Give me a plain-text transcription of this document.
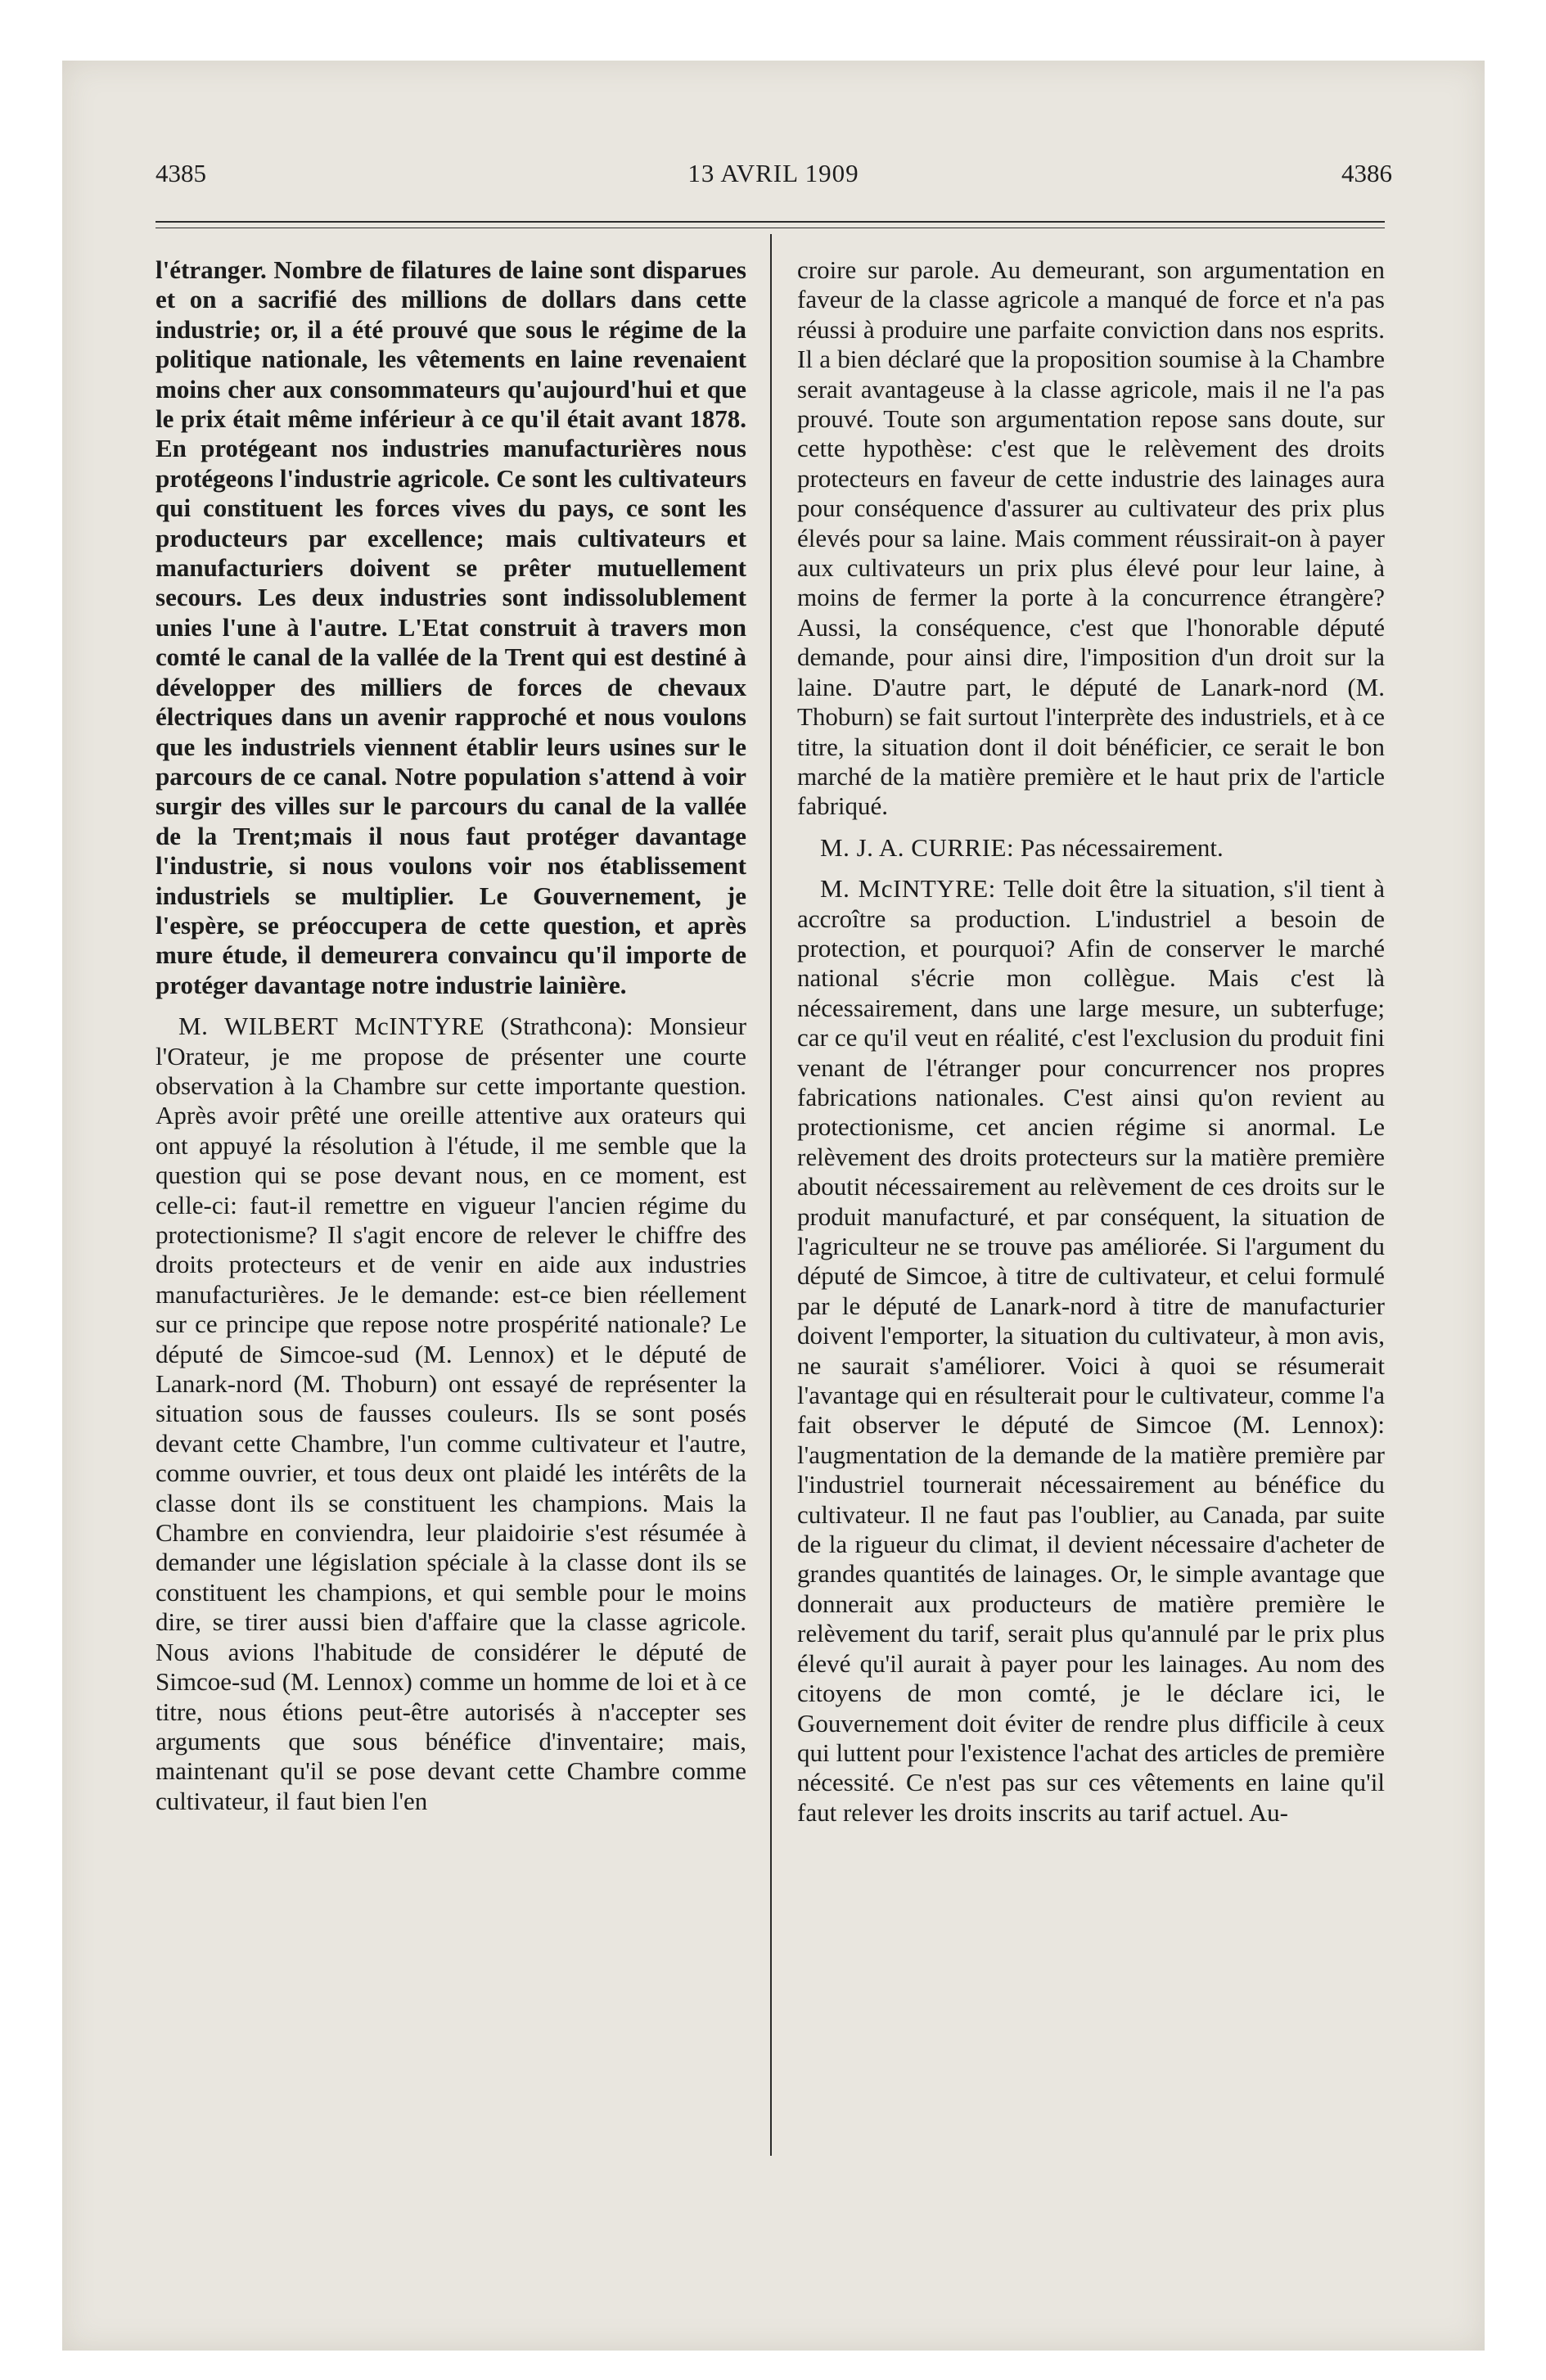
4385	13 AVRIL 1909	4386

l'étranger. Nombre de filatures de laine sont disparues et on a sacrifié des millions de dollars dans cette industrie; or, il a été prouvé que sous le régime de la politique nationale, les vêtements en laine revenaient moins cher aux consommateurs qu'aujourd'hui et que le prix était même inférieur à ce qu'il était avant 1878. En protégeant nos industries manufacturières nous protégeons l'industrie agricole. Ce sont les cultivateurs qui constituent les forces vives du pays, ce sont les producteurs par excellence; mais cultivateurs et manufacturiers doivent se prêter mutuellement secours. Les deux industries sont indissolublement unies l'une à l'autre. L'Etat construit à travers mon comté le canal de la vallée de la Trent qui est destiné à développer des milliers de forces de chevaux électriques dans un avenir rapproché et nous voulons que les industriels viennent établir leurs usines sur le parcours de ce canal. Notre population s'attend à voir surgir des villes sur le parcours du canal de la vallée de la Trent;mais il nous faut protéger davantage l'industrie, si nous voulons voir nos établissement industriels se multiplier. Le Gouvernement, je l'espère, se préoccupera de cette question, et après mure étude, il demeurera convaincu qu'il importe de protéger davantage notre industrie lainière.

M. WILBERT McINTYRE (Strathcona): Monsieur l'Orateur, je me propose de présenter une courte observation à la Chambre sur cette importante question. Après avoir prêté une oreille attentive aux orateurs qui ont appuyé la résolution à l'étude, il me semble que la question qui se pose devant nous, en ce moment, est celle-ci: faut-il remettre en vigueur l'ancien régime du protectionisme? Il s'agit encore de relever le chiffre des droits protecteurs et de venir en aide aux industries manufacturières. Je le demande: est-ce bien réellement sur ce principe que repose notre prospérité nationale? Le député de Simcoe-sud (M. Lennox) et le député de Lanark-nord (M. Thoburn) ont essayé de représenter la situation sous de fausses couleurs. Ils se sont posés devant cette Chambre, l'un comme cultivateur et l'autre, comme ouvrier, et tous deux ont plaidé les intérêts de la classe dont ils se constituent les champions. Mais la Chambre en conviendra, leur plaidoirie s'est résumée à demander une législation spéciale à la classe dont ils se constituent les champions, et qui semble pour le moins dire, se tirer aussi bien d'affaire que la classe agricole. Nous avions l'habitude de considérer le député de Simcoe-sud (M. Lennox) comme un homme de loi et à ce titre, nous étions peut-être autorisés à n'accepter ses arguments que sous bénéfice d'inventaire; mais, maintenant qu'il se pose devant cette Chambre comme cultivateur, il faut bien l'en

croire sur parole. Au demeurant, son argumentation en faveur de la classe agricole a manqué de force et n'a pas réussi à produire une parfaite conviction dans nos esprits. Il a bien déclaré que la proposition soumise à la Chambre serait avantageuse à la classe agricole, mais il ne l'a pas prouvé. Toute son argumentation repose sans doute, sur cette hypothèse: c'est que le relèvement des droits protecteurs en faveur de cette industrie des lainages aura pour conséquence d'assurer au cultivateur des prix plus élevés pour sa laine. Mais comment réussirait-on à payer aux cultivateurs un prix plus élevé pour leur laine, à moins de fermer la porte à la concurrence étrangère? Aussi, la conséquence, c'est que l'honorable député demande, pour ainsi dire, l'imposition d'un droit sur la laine. D'autre part, le député de Lanark-nord (M. Thoburn) se fait surtout l'interprète des industriels, et à ce titre, la situation dont il doit bénéficier, ce serait le bon marché de la matière première et le haut prix de l'article fabriqué.

M. J. A. CURRIE: Pas nécessairement.

M. McINTYRE: Telle doit être la situation, s'il tient à accroître sa production. L'industriel a besoin de protection, et pourquoi? Afin de conserver le marché national s'écrie mon collègue. Mais c'est là nécessairement, dans une large mesure, un subterfuge; car ce qu'il veut en réalité, c'est l'exclusion du produit fini venant de l'étranger pour concurrencer nos propres fabrications nationales. C'est ainsi qu'on revient au protectionisme, cet ancien régime si anormal. Le relèvement des droits protecteurs sur la matière première aboutit nécessairement au relèvement de ces droits sur le produit manufacturé, et par conséquent, la situation de l'agriculteur ne se trouve pas améliorée. Si l'argument du député de Simcoe, à titre de cultivateur, et celui formulé par le député de Lanark-nord à titre de manufacturier doivent l'emporter, la situation du cultivateur, à mon avis, ne saurait s'améliorer. Voici à quoi se résumerait l'avantage qui en résulterait pour le cultivateur, comme l'a fait observer le député de Simcoe (M. Lennox): l'augmentation de la demande de la matière première par l'industriel tournerait nécessairement au bénéfice du cultivateur. Il ne faut pas l'oublier, au Canada, par suite de la rigueur du climat, il devient nécessaire d'acheter de grandes quantités de lainages. Or, le simple avantage que donnerait aux producteurs de matière première le relèvement du tarif, serait plus qu'annulé par le prix plus élevé qu'il aurait à payer pour les lainages. Au nom des citoyens de mon comté, je le déclare ici, le Gouvernement doit éviter de rendre plus difficile à ceux qui luttent pour l'existence l'achat des articles de première nécessité. Ce n'est pas sur ces vêtements en laine qu'il faut relever les droits inscrits au tarif actuel. Au-
